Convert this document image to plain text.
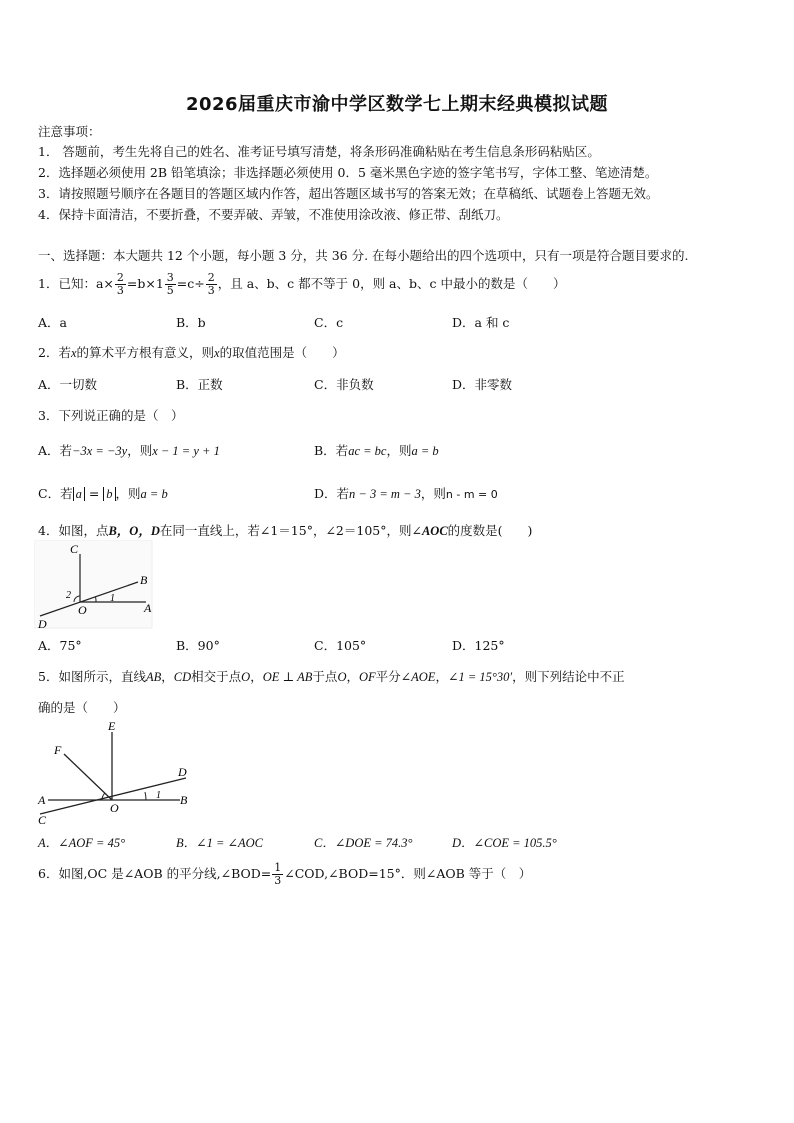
2026届重庆市渝中学区数学七上期末经典模拟试题
注意事项：
1． 答题前，考生先将自己的姓名、准考证号填写清楚，将条形码准确粘贴在考生信息条形码粘贴区。
2．选择题必须使用 2B 铅笔填涂；非选择题必须使用 0．5 毫米黑色字迹的签字笔书写，字体工整、笔迹清楚。
3．请按照题号顺序在各题目的答题区域内作答，超出答题区域书写的答案无效；在草稿纸、试题卷上答题无效。
4．保持卡面清洁，不要折叠，不要弄破、弄皱，不准使用涂改液、修正带、刮纸刀。
一、选择题：本大题共 12 个小题，每小题 3 分，共 36 分. 在每小题给出的四个选项中，只有一项是符合题目要求的.
1．已知：$a\times \frac{2}{3} =b\times 1 \frac{3}{5} =c\div \frac{2}{3}$ ，且 a、b、c 都不等于 0，则 a、b、c 中最小的数是（　　）
A．a	B．b	C．c	D．a 和 c
2．若x的算术平方根有意义，则x的取值范围是（　　）
A．一切数	B．正数	C．非负数	D．非零数
3．下列说正确的是（　）
A．若−3x = −3y，则x − 1 = y + 1	B．若ac = bc，则a = b
C．若 a = b ，则a = b	D．若n − 3 = m − 3，则n - m = 0
4．如图，点B，O，D在同一直线上，若∠1＝15°，∠2＝105°，则∠AOC的度数是(　　)
C
B
A
O
D
1
2
A．75°	B．90°	C．105°	D．125°
5．如图所示，直线AB，CD相交于点O，OE ⊥ AB于点O，OF平分∠AOE，∠1 = 15°30′，则下列结论中不正
确的是（　　）
E
F
D
A	B
C
O
1
A．∠AOF = 45°	B．∠1 = ∠AOC	C．∠DOE = 74.3°	D．∠COE = 105.5°
6．如图,OC 是∠AOB 的平分线,∠BOD= $\frac{1}{3}$ ∠COD,∠BOD=15°．则∠AOB 等于（　）
